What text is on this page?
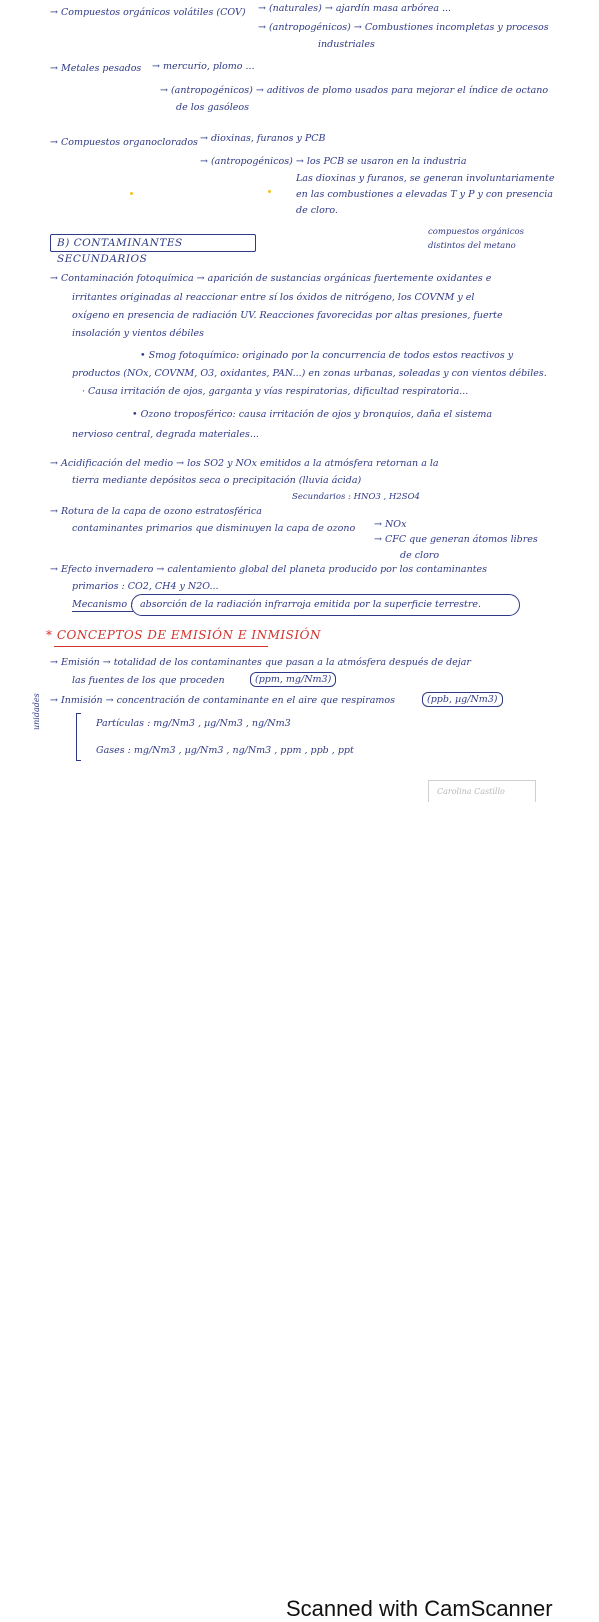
→ Compuestos orgánicos volátiles (COV) → (naturales) → ajardín masa arbórea ...
→ (antropogénicos) → Combustiones incompletas y procesos
industriales
→ Metales pesados → mercurio, plomo ...
→ (antropogénicos) → aditivos de plomo usados para mejorar el índice de octano
de los gasóleos
→ Compuestos organoclorados → dioxinas, furanos y PCB
→ (antropogénicos) → los PCB se usaron en la industria
Las dioxinas y furanos, se generan involuntariamente
en las combustiones a elevadas T y P y con presencia
de cloro.
B) CONTAMINANTES SECUNDARIOS
compuestos orgánicos
distintos del metano
→ Contaminación fotoquímica → aparición de sustancias orgánicas fuertemente oxidantes e
irritantes originadas al reaccionar entre sí los óxidos de nitrógeno, los COVNM y el
oxígeno en presencia de radiación UV. Reacciones favorecidas por altas presiones, fuerte
insolación y vientos débiles
• Smog fotoquímico: originado por la concurrencia de todos estos reactivos y
productos (NOx, COVNM, O3, oxidantes, PAN...) en zonas urbanas, soleadas y con vientos débiles.
· Causa irritación de ojos, garganta y vías respiratorias, dificultad respiratoria...
• Ozono troposférico: causa irritación de ojos y bronquios, daña el sistema
nervioso central, degrada materiales...
→ Acidificación del medio → los SO2 y NOx emitidos a la atmósfera retornan a la
tierra mediante depósitos seca o precipitación (lluvia ácida)
Secundarios : HNO3 , H2SO4
→ Rotura de la capa de ozono estratosférica
contaminantes primarios que disminuyen la capa de ozono → NOx
→ CFC que generan átomos libres
de cloro
→ Efecto invernadero → calentamiento global del planeta producido por los contaminantes
primarios : CO2, CH4 y N2O...
Mecanismo : absorción de la radiación infrarroja emitida por la superficie terrestre.
* CONCEPTOS DE EMISIÓN E INMISIÓN
→ Emisión → totalidad de los contaminantes que pasan a la atmósfera después de dejar
las fuentes de los que proceden	(ppm, mg/Nm3)
→ Inmisión → concentración de contaminante en el aire que respiramos	(ppb, µg/Nm3)
unidades	Partículas : mg/Nm3 , µg/Nm3 , ng/Nm3
Gases : mg/Nm3 , µg/Nm3 , ng/Nm3 , ppm , ppb , ppt
Carolina Castillo
Scanned with CamScanner
